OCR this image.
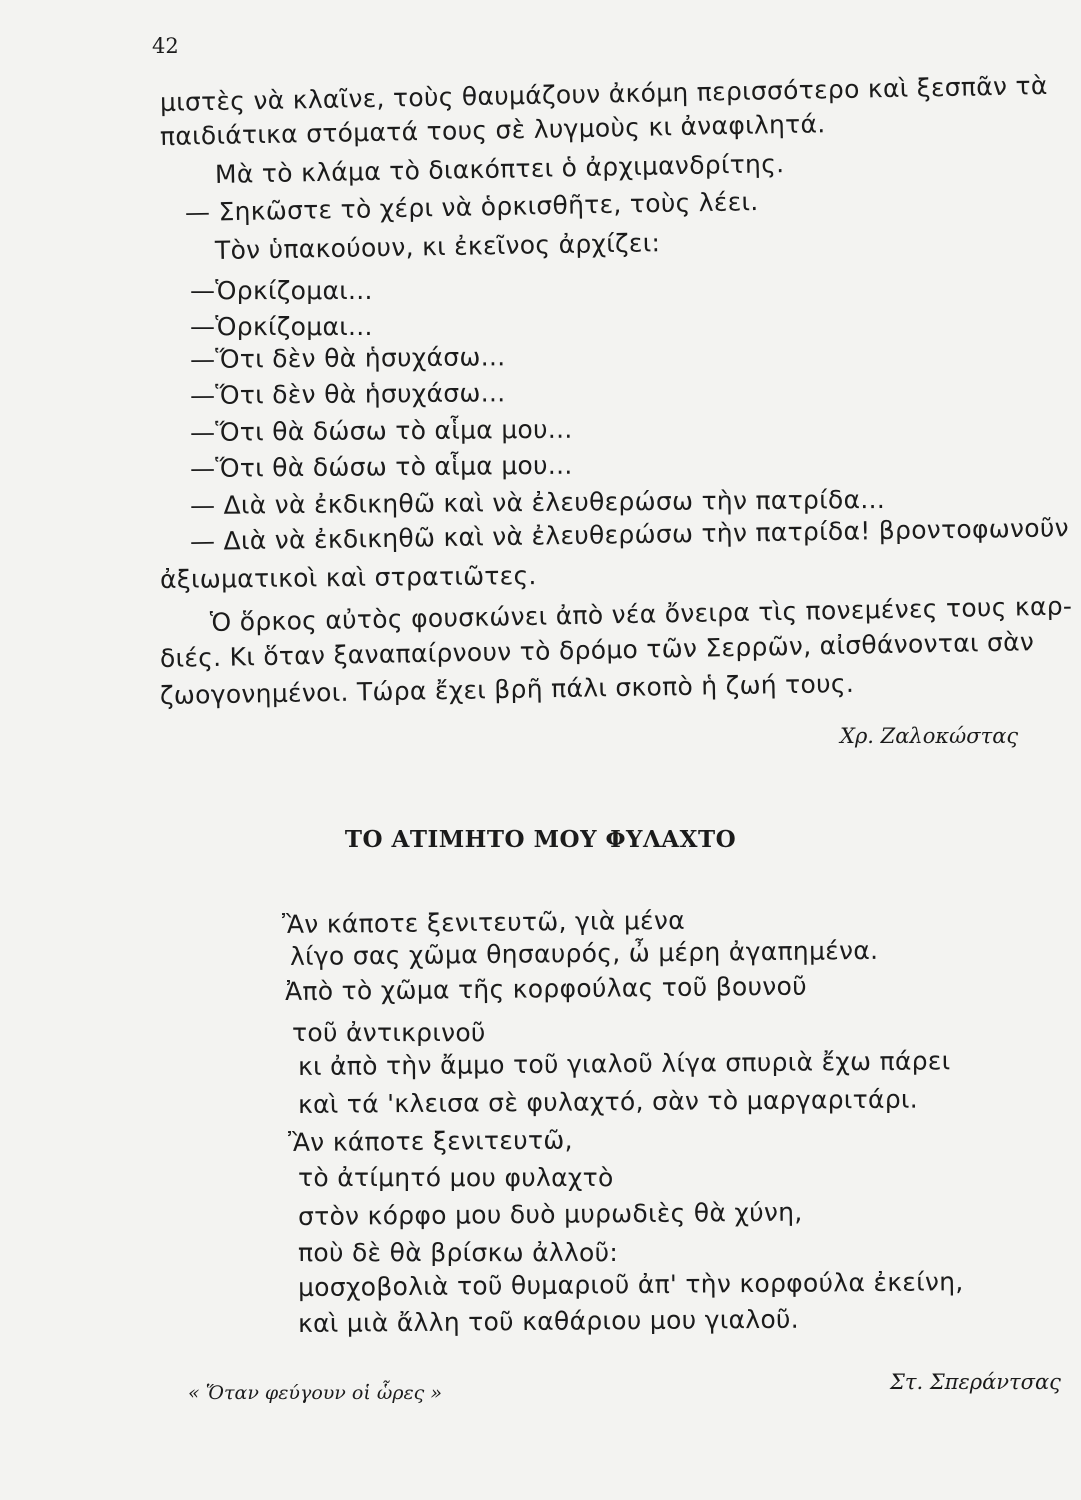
42
μιστὲς νὰ κλαῖνε, τοὺς θαυμάζουν ἀκόμη περισσότερο καὶ ξεσπᾶν τὰ
παιδιάτικα στόματά τους σὲ λυγμοὺς κι ἀναφιλητά.
Μὰ τὸ κλάμα τὸ διακόπτει ὁ ἀρχιμανδρίτης.
— Σηκῶστε τὸ χέρι νὰ ὁρκισθῆτε, τοὺς λέει.
Τὸν ὑπακούουν, κι ἐκεῖνος ἀρχίζει:
—Ὁρκίζομαι...
—Ὁρκίζομαι...
—Ὅτι δὲν θὰ ἡσυχάσω...
—Ὅτι δὲν θὰ ἡσυχάσω...
—Ὅτι θὰ δώσω τὸ αἷμα μου...
—Ὅτι θὰ δώσω τὸ αἷμα μου...
— Διὰ νὰ ἐκδικηθῶ καὶ νὰ ἐλευθερώσω τὴν πατρίδα...
— Διὰ νὰ ἐκδικηθῶ καὶ νὰ ἐλευθερώσω τὴν πατρίδα! βροντοφωνοῦν
ἀξιωματικοὶ καὶ στρατιῶτες.
Ὁ ὅρκος αὐτὸς φουσκώνει ἀπὸ νέα ὄνειρα τὶς πονεμένες τους καρ-
διές. Κι ὅταν ξαναπαίρνουν τὸ δρόμο τῶν Σερρῶν, αἰσθάνονται σὰν
ζωογονημένοι. Τώρα ἔχει βρῆ πάλι σκοπὸ ἡ ζωή τους.
Χρ. Ζαλοκώστας
ΤΟ ΑΤΙΜΗΤΟ ΜΟΥ ΦΥΛΑΧΤΟ
Ἂν κάποτε ξενιτευτῶ, γιὰ μένα
λίγο σας χῶμα θησαυρός, ὦ μέρη ἀγαπημένα.
Ἀπὸ τὸ χῶμα τῆς κορφούλας τοῦ βουνοῦ
τοῦ ἀντικρινοῦ
κι ἀπὸ τὴν ἄμμο τοῦ γιαλοῦ λίγα σπυριὰ ἔχω πάρει
καὶ τά 'κλεισα σὲ φυλαχτό, σὰν τὸ μαργαριτάρι.
Ἂν κάποτε ξενιτευτῶ,
τὸ ἀτίμητό μου φυλαχτὸ
στὸν κόρφο μου δυὸ μυρωδιὲς θὰ χύνη,
ποὺ δὲ θὰ βρίσκω ἀλλοῦ:
μοσχοβολιὰ τοῦ θυμαριοῦ ἀπ' τὴν κορφούλα ἐκείνη,
καὶ μιὰ ἄλλη τοῦ καθάριου μου γιαλοῦ.
Στ. Σπεράντσας
« Ὅταν φεύγουν οἱ ὧρες »
